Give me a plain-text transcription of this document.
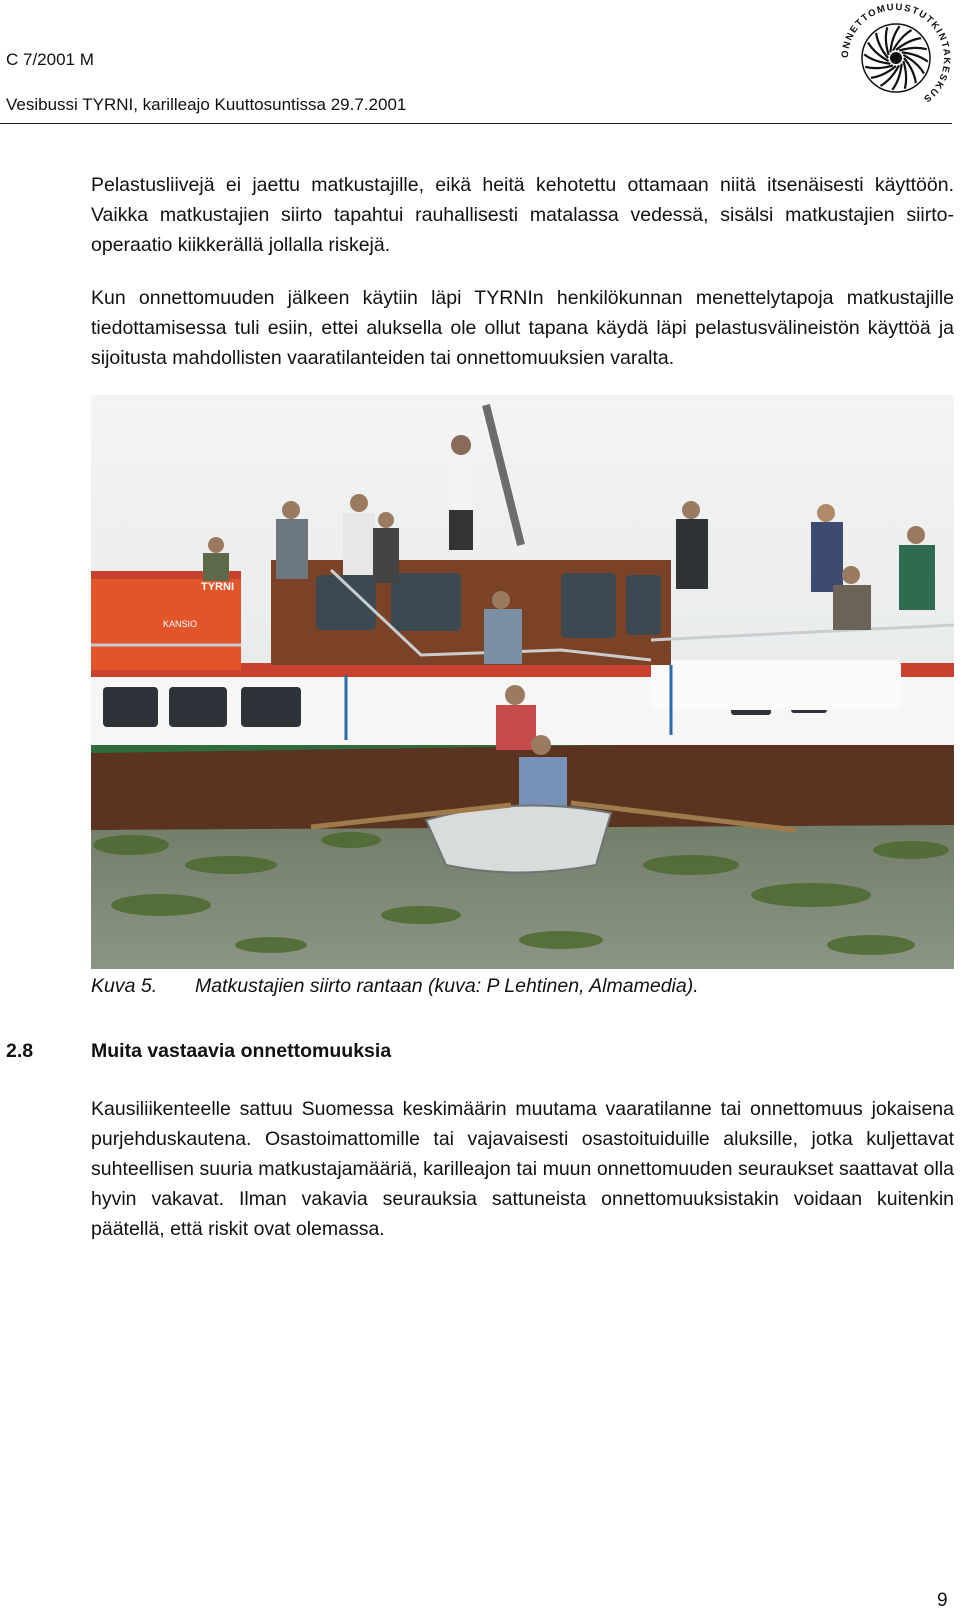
C 7/2001 M
Vesibussi TYRNI, karilleajo Kuuttosuntissa 29.7.2001
ONNETTOMUUSTUTKINTAKESKUS

Pelastusliivejä ei jaettu matkustajille, eikä heitä kehotettu ottamaan niitä itsenäisesti käyttöön. Vaikka matkustajien siirto tapahtui rauhallisesti matalassa vedessä, sisälsi matkustajien siirto-operaatio kiikkerällä jollalla riskejä.

Kun onnettomuuden jälkeen käytiin läpi TYRNIn henkilökunnan menettelytapoja matkustajille tiedottamisessa tuli esiin, ettei aluksella ole ollut tapana käydä läpi pelastusvälineistön käyttöä ja sijoitusta mahdollisten vaaratilanteiden tai onnettomuuksien varalta.

TYRNI
KANSIO
Kuva 5. Matkustajien siirto rantaan (kuva: P Lehtinen, Almamedia).
2.8	Muita vastaavia onnettomuuksia

Kausiliikenteelle sattuu Suomessa keskimäärin muutama vaaratilanne tai onnettomuus jokaisena purjehduskautena. Osastoimattomille tai vajavaisesti osastoituiduille aluksille, jotka kuljettavat suhteellisen suuria matkustajamääriä, karilleajon tai muun onnettomuuden seuraukset saattavat olla hyvin vakavat. Ilman vakavia seurauksia sattuneista onnettomuuksistakin voidaan kuitenkin päätellä, että riskit ovat olemassa.

9
